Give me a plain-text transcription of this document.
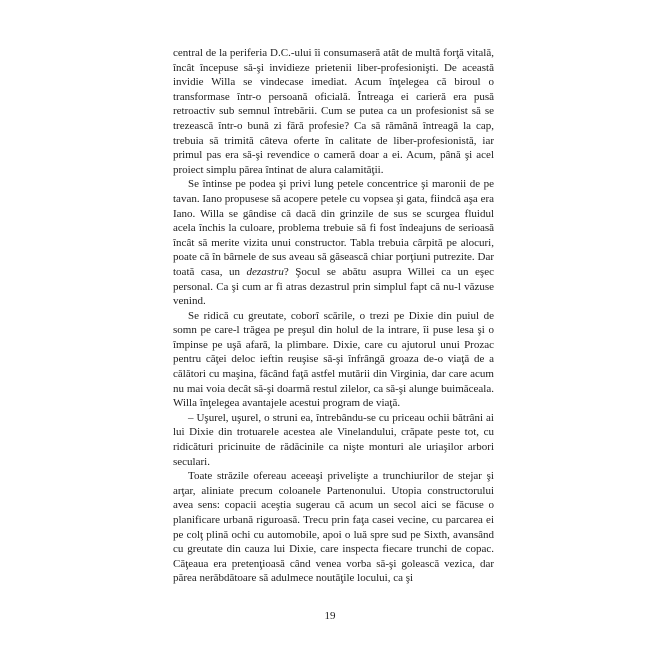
central de la periferia D.C.-ului îi consumaseră atât de multă forţă vitală, încât începuse să-şi invidieze prietenii liber-profesionişti. De această invidie Willa se vindecase imediat. Acum înţelegea că biroul o transformase într-o persoană oficială. Întreaga ei carieră era pusă retroactiv sub semnul întrebării. Cum se putea ca un profesionist să se trezească într-o bună zi fără profesie? Ca să rămână întreagă la cap, trebuia să trimită câteva oferte în calitate de liber-profesionistă, iar primul pas era să-şi revendice o cameră doar a ei. Acum, până şi acel proiect simplu părea întinat de alura calamităţii.

Se întinse pe podea şi privi lung petele concentrice şi maronii de pe tavan. Iano propusese să acopere petele cu vopsea şi gata, fiindcă aşa era Iano. Willa se gândise că dacă din grinzile de sus se scurgea fluidul acela închis la culoare, problema trebuie să fi fost îndeajuns de serioasă încât să merite vizita unui constructor. Tabla trebuia cârpită pe alocuri, poate că în bârnele de sus aveau să găsească chiar porţiuni putrezite. Dar toată casa, un dezastru? Şocul se abătu asupra Willei ca un eşec personal. Ca şi cum ar fi atras dezastrul prin simplul fapt că nu-l văzuse venind.

Se ridică cu greutate, coborî scările, o trezi pe Dixie din puiul de somn pe care-l trăgea pe preşul din holul de la intrare, îi puse lesa şi o împinse pe uşă afară, la plimbare. Dixie, care cu ajutorul unui Prozac pentru căţei deloc ieftin reuşise să-şi înfrângă groaza de-o viaţă de a călători cu maşina, făcând faţă astfel mutării din Virginia, dar care acum nu mai voia decât să-şi doarmă restul zilelor, ca să-şi alunge buimăceala. Willa înţelegea avantajele acestui program de viaţă.

– Uşurel, uşurel, o struni ea, întrebându-se cu priceau ochii bătrâni ai lui Dixie din trotuarele acestea ale Vinelandului, crăpate peste tot, cu ridicături pricinuite de rădăcinile ca nişte monturi ale uriaşilor arbori seculari.

Toate străzile ofereau aceeaşi privelişte a trunchiurilor de stejar şi arţar, aliniate precum coloanele Partenonului. Utopia constructorului avea sens: copacii aceştia sugerau că acum un secol aici se făcuse o planificare urbană riguroasă. Trecu prin faţa casei vecine, cu parcarea ei pe colţ plină ochi cu automobile, apoi o luă spre sud pe Sixth, avansând cu greutate din cauza lui Dixie, care inspecta fiecare trunchi de copac. Căţeaua era pretenţioasă când venea vorba să-şi golească vezica, dar părea nerăbdătoare să adulmece noutăţile locului, ca şi

19
